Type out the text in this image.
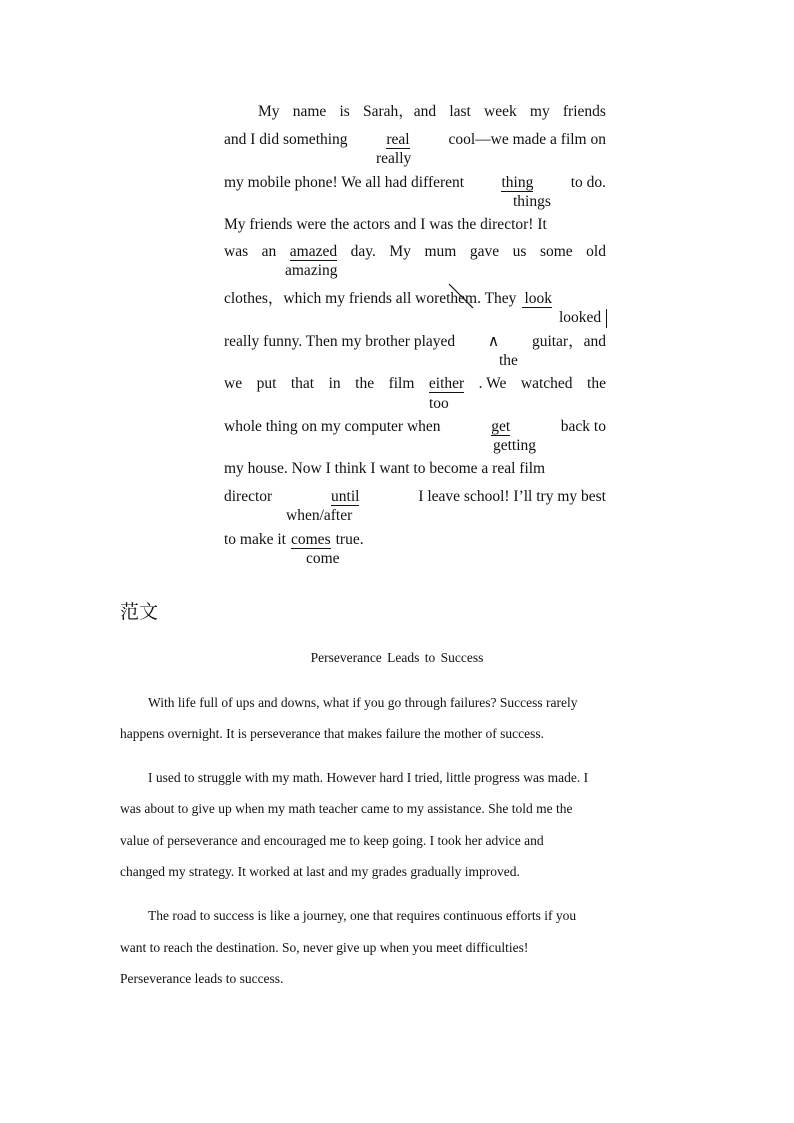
My name is Sarah，and last week my friends
and I did something	real	cool—we made a film on
really
my mobile phone! We all had different thing to do.
things
My friends were the actors and I was the director! It
was an amazed day. My mum gave us some old
amazing
clothes，which my friends all wore them . They look
looked
really funny. Then my brother played ∧ guitar，and
the
we put that in the film either . We watched the
too
whole thing on my computer when	get	back to
getting
my house. Now I think I want to become a real film
director	until	I leave school! I’ll try my best
when/after
to make it comes true.
come
范文
Perseverance Leads to Success
With life full of ups and downs, what if you go through failures? Success rarely
happens overnight. It is perseverance that makes failure the mother of success.
I used to struggle with my math. However hard I tried, little progress was made. I
was about to give up when my math teacher came to my assistance. She told me the
value of perseverance and encouraged me to keep going. I took her advice and
changed my strategy. It worked at last and my grades gradually improved.
The road to success is like a journey, one that requires continuous efforts if you
want to reach the destination. So, never give up when you meet difficulties!
Perseverance leads to success.
